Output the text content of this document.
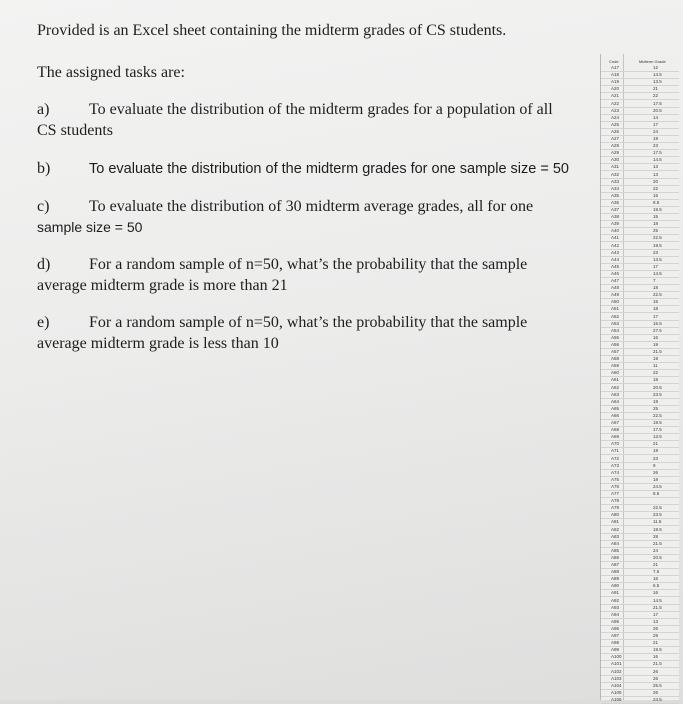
Provided is an Excel sheet containing the midterm grades of CS students.
The assigned tasks are:
a) To evaluate the distribution of the midterm grades for a population of all
CS students
b)	To evaluate the distribution of the midterm grades for one sample size = 50
c) To evaluate the distribution of 30 midterm average grades, all for one
sample size = 50
d) For a random sample of n=50, what’s the probability that the sample
average midterm grade is more than 21
e) For a random sample of n=50, what’s the probability that the sample
average midterm grade is less than 10
Code	Midterm Grade
A17	12
A18	14.5
A19	13.5
A20	21
A21	22
A22	17.5
A23	20.5
A24	14
A25	17
A26	24
A27	19
A28	23
A29	17.5
A30	14.5
A31	13
A32	13
A33	20
A34	22
A35	15
A36	8.5
A37	19.5
A38	15
A39	18
A40	25
A41	22.5
A42	19.5
A43	23
A44	13.5
A45	17
A46	14.5
A47	7
A48	18
A49	22.5
A50	15
A51	18
A52	17
A53	15.5
A54	27.5
A55	16
A56	19
A57	21.5
A58	19
A59	11
A60	22
A61	18
A62	20.5
A63	23.5
A64	19
A65	25
A66	22.5
A67	19.5
A68	17.5
A69	13.5
A70	21
A71	19
A72	23
A73	9
A74	26
A75	18
A76	24.5
A77	8.5
A78
A79	22.5
A80	23.5
A81	11.5
A82	19.5
A83	28
A84	21.5
A85	24
A86	20.5
A87	21
A88	7.5
A89	16
A90	6.5
A91	16
A92	14.5
A93	21.5
A94	17
A95	13
A96	26
A97	29
A98	21
A99	19.5
A100	16
A101	21.5
A102	26
A103	26
A104	25.5
A105	26
A106	24.5
